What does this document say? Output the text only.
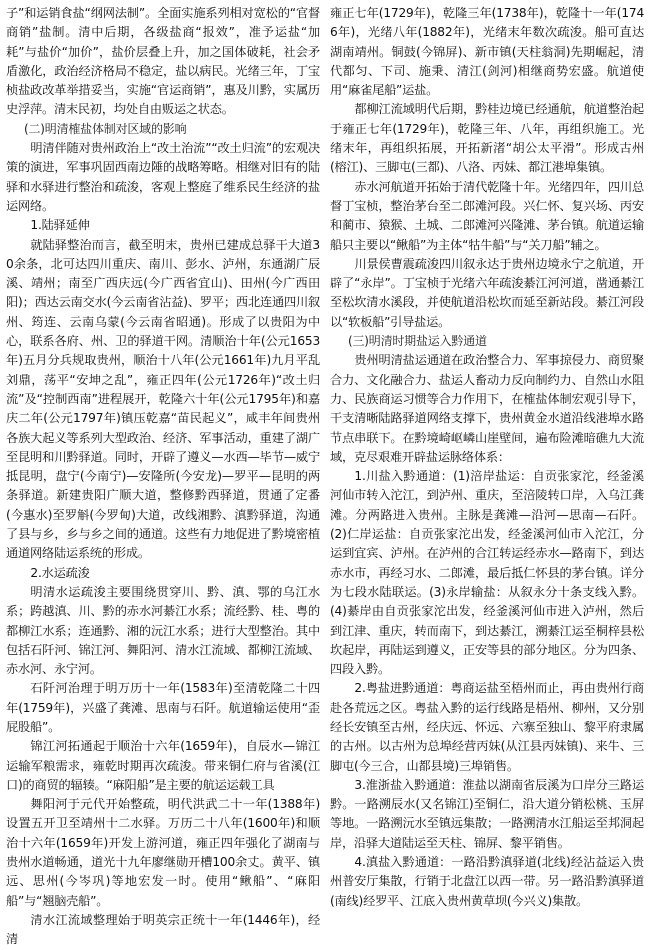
子”和运销食盐“纲网法制”。全面实施系列相对宽松的“官督商销”盐制。清中后期，各级盐商“报效”，准予运盐“加耗”与盐价“加价”，盐价层叠上升，加之国体破耗，社会矛盾激化，政治经济格局不稳定，盐以病民。光绪三年，丁宝桢盐政改革举措妥当，实施“官运商销”，惠及川黔，实属历史浮萍。清末民初，均处自由贩运之状态。

(二)明清榷盐体制对区域的影响

明清伴随对贵州政治上“改土治流”“改土归流”的宏观决策的演进，军事巩固西南边陲的战略筹略。相继对旧有的陆驿和水驿进行整治和疏浚，客观上整庭了维系民生经济的盐运网络。

1.陆驿延伸

就陆驿整治而言，截至明末，贵州已建成总驿干大道30余条，北可达四川重庆、南川、彭水、泸州，东通湖广辰溪、靖州；南至广西庆远(今广西省宜山)、田州(今广西田阳)；西达云南交水(今云南省沾益)、罗平；西北连通四川叙州、筠连、云南乌蒙(今云南省昭通)。形成了以贵阳为中心，联系各府、州、卫的驿道干网。清顺治十年(公元1653年)五月分兵规取贵州，顺治十八年(公元1661年)九月平乱刘鼎，荡平“安坤之乱”，雍正四年(公元1726年)“改土归流”及“控制西南”进程展开，乾隆六十年(公元1795年)和嘉庆二年(公元1797年)镇压乾嘉“苗民起义”，咸丰年间贵州各族大起义等系列大型政治、经济、军事活动，重建了湖广至昆明和川黔驿道。同时，开辟了遵义—水西—毕节—威宁抵昆明，盘宁(今南宁)—安隆所(今安龙)—罗平—昆明的两条驿道。新建贵阳广顺大道，整修黔西驿道，贯通了定番(今惠水)至罗斛(今罗甸)大道，改线湘黔、滇黔驿道，沟通了县与乡，乡与乡之间的通道。这些有力地促进了黔境密植通道网络陆运系统的形成。

2.水运疏浚

明清水运疏浚主要围绕贯穿川、黔、滇、鄂的乌江水系；跨越滇、川、黔的赤水河綦江水系；流经黔、桂、粤的都柳江水系；连通黔、湘的沅江水系；进行大型整治。其中包括石阡河、锦江河、舞阳河、清水江流域、都柳江流域、赤水河、永宁河。

石阡河治理于明万历十一年(1583年)至清乾隆二十四年(1759年)，兴盛了龚滩、思南与石阡。航道输运使用“歪屁股船”。

锦江河拓通起于顺治十六年(1659年)，自辰水—锦江运输军粮需求，雍乾时期再次疏浚。带来铜仁府与省溪(江口)的商贸的辐辏。“麻阳船”是主要的航运运载工具

舞阳河于元代开始整疏，明代洪武二十一年(1388年)设置五开卫至靖州十二水驿。万历二十八年(1600年)和顺治十六年(1659年)开发上游河道，雍正四年强化了湖南与贵州水道畅通，道光十九年廖继勋开槽100余丈。黄平、镇远、思州(今岑巩)等地宏发一时。使用“鳅船”、“麻阳船”与“翘脑壳船”。

清水江流域整理始于明英宗正统十一年(1446年)，经清

雍正七年(1729年)，乾隆三年(1738年)，乾隆十一年(1746年)，光绪八年(1882年)，光绪末年数次疏浚。船可直达湖南靖州。铜鼓(今锦屏)、新市镇(天柱翁洞)先期崛起，清代都匀、下司、施秉、清江(剑河)相继商势宏盛。航道使用“麻雀尾船”运盐。

都柳江流域明代后期，黔桂边境已经通航，航道整治起于雍正七年(1729年)，乾隆三年、八年，再组织施工。光绪末年，再组织拓展，开拓新渚“胡公太平滑”。形成古州(榕江)、三脚屯(三都)、八洛、丙妹、都江港埠集镇。

赤水河航道开拓始于清代乾隆十年。光绪四年，四川总督丁宝桢，整治茅台至二郎滩河段。兴仁怀、复兴场、丙安和蔺市、猿猴、土城、二郎滩河兴隆滩、茅台镇。航道运输船只主要以“鳅船”为主体“牯牛船”与“关刀船”辅之。

川景侯曹震疏浚四川叙永达于贵州边境永宁之航道，开辟了“永岸”。丁宝桢于光绪六年疏浚綦江河河道，凿通綦江至松坎清水溪段，并使航道沿松坎而延至新站段。綦江河段以“软板船”引导盐运。

(三)明清时期盐运入黔通道

贵州明清盐运通道在政治整合力、军事掠侵力、商贸聚合力、文化融合力、盐运人畜动力反向制约力、自然山水阻力、民族商运习惯等合力作用下，在榷盐体制宏观引导下，干支清晰陆路驿道网络支撑下，贵州黄金水道沿线港埠水路节点串联下。在黔境崎岖嶙山崖壁间，遍布险滩暗礁九大流域，克尽艰难开辟盐运脉络体系：

1.川盐入黔通道：(1)涪岸盐运：自贡张家沱，经釜溪河仙市转入沱江，到泸州、重庆，至涪陵转口岸，入乌江龚滩。分两路进入贵州。主脉是龚滩—沿河—思南—石阡。(2)仁岸运盐：自贡张家沱出发，经釜溪河仙市入沱江，分运到宜宾、泸州。在泸州的合江转运经赤水—路南下，到达赤水市，再经习水、二郎滩，最后抵仁怀县的茅台镇。详分为七段水陆联运。(3)永岸输盐：从叙永分十条支线入黔。(4)綦岸由自贡张家沱出发，经釜溪河仙市进入泸州，然后到江津、重庆，转而南下，到达綦江，溯綦江运至桐梓县松坎起岸，再陆运到遵义，正安等县的部分地区。分为四条、四段入黔。

2.粤盐进黔通道：粤商运盐至梧州而止，再由贵州行商赴各荒远之区。粤盐入黔的运行线路是梧州、柳州，又分别经长安镇至古州，经庆远、怀远、六寨至独山、黎平府隶属的古州。以古州为总埠经营丙妹(从江县丙妹镇)、来牛、三脚屯(今三合，山都县境)三埠销售。

3.淮浙盐入黔通道：淮盐以湖南省辰溪为口岸分三路运黔。一路溯辰水(又名锦江)至铜仁，沿大道分销松桃、玉屏等地。一路溯沅水至镇远集散；一路溯清水江船运至邦洞起岸，沿驿大道陆运至天柱、锦屏、黎平销售。

4.滇盐入黔通道：一路沿黔滇驿道(北线)经沾益运入贵州普安厅集散，行销于北盘江以西一带。另一路沿黔滇驿道(南线)经罗平、江底入贵州黄草坝(今兴义)集散。
